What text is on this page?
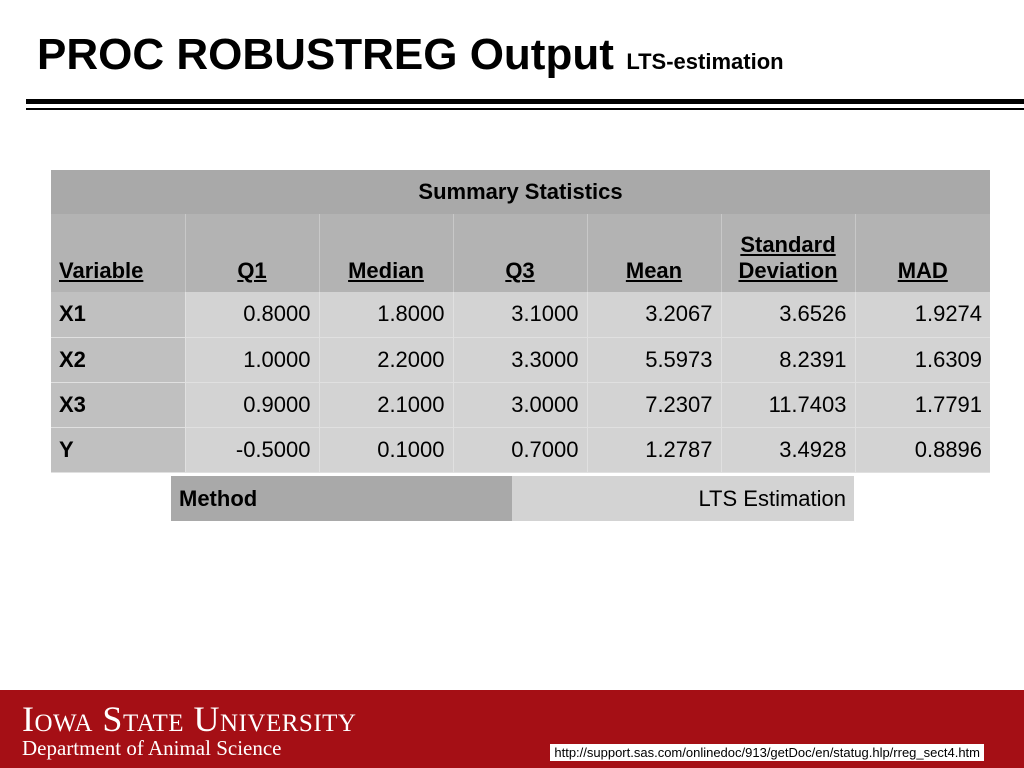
PROC ROBUSTREG Output LTS-estimation
Summary Statistics						
Variable	Q1	Median	Q3	Mean	Standard Deviation	MAD
X1	0.8000	1.8000	3.1000	3.2067	3.6526	1.9274
X2	1.0000	2.2000	3.3000	5.5973	8.2391	1.6309
X3	0.9000	2.1000	3.0000	7.2307	11.7403	1.7791
Y	-0.5000	0.1000	0.7000	1.2787	3.4928	0.8896
Method	LTS Estimation
Iowa State University
Department of Animal Science	http://support.sas.com/onlinedoc/913/getDoc/en/statug.hlp/rreg_sect4.htm
